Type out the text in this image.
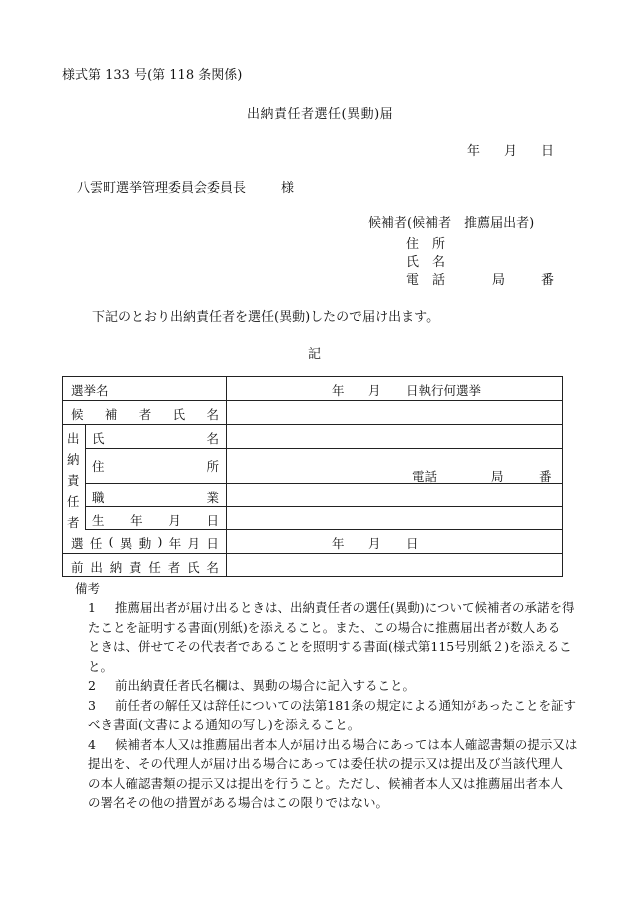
様式第 133 号(第 118 条関係)
出納責任者選任(異動)届
年 月 日
八雲町選挙管理委員会委員長	様
候補者(候補者　推薦届出者)
住　所
氏　名
電　話	局	番
下記のとおり出納責任者を選任(異動)したので届け出ます。
記
選挙名	年 月 日執行何選挙
候 補 者 氏 名
出納責任者
氏	名
住	所
電話	局	番
職	業
生 年 月 日
選 任 ( 異 動 ) 年 月 日	年 月 日
前 出 納 責 任 者 氏 名
備考
1 推薦届出者が届け出るときは、出納責任者の選任(異動)について候補者の承諾を得
たことを証明する書面(別紙)を添えること。また、この場合に推薦届出者が数人ある
ときは、併せてその代表者であることを照明する書面(様式第115号別紙２)を添えるこ
と。
2 前出納責任者氏名欄は、異動の場合に記入すること。
3 前任者の解任又は辞任についての法第181条の規定による通知があったことを証す
べき書面(文書による通知の写し)を添えること。
4 候補者本人又は推薦届出者本人が届け出る場合にあっては本人確認書類の提示又は
提出を、その代理人が届け出る場合にあっては委任状の提示又は提出及び当該代理人
の本人確認書類の提示又は提出を行うこと。ただし、候補者本人又は推薦届出者本人
の署名その他の措置がある場合はこの限りではない。
